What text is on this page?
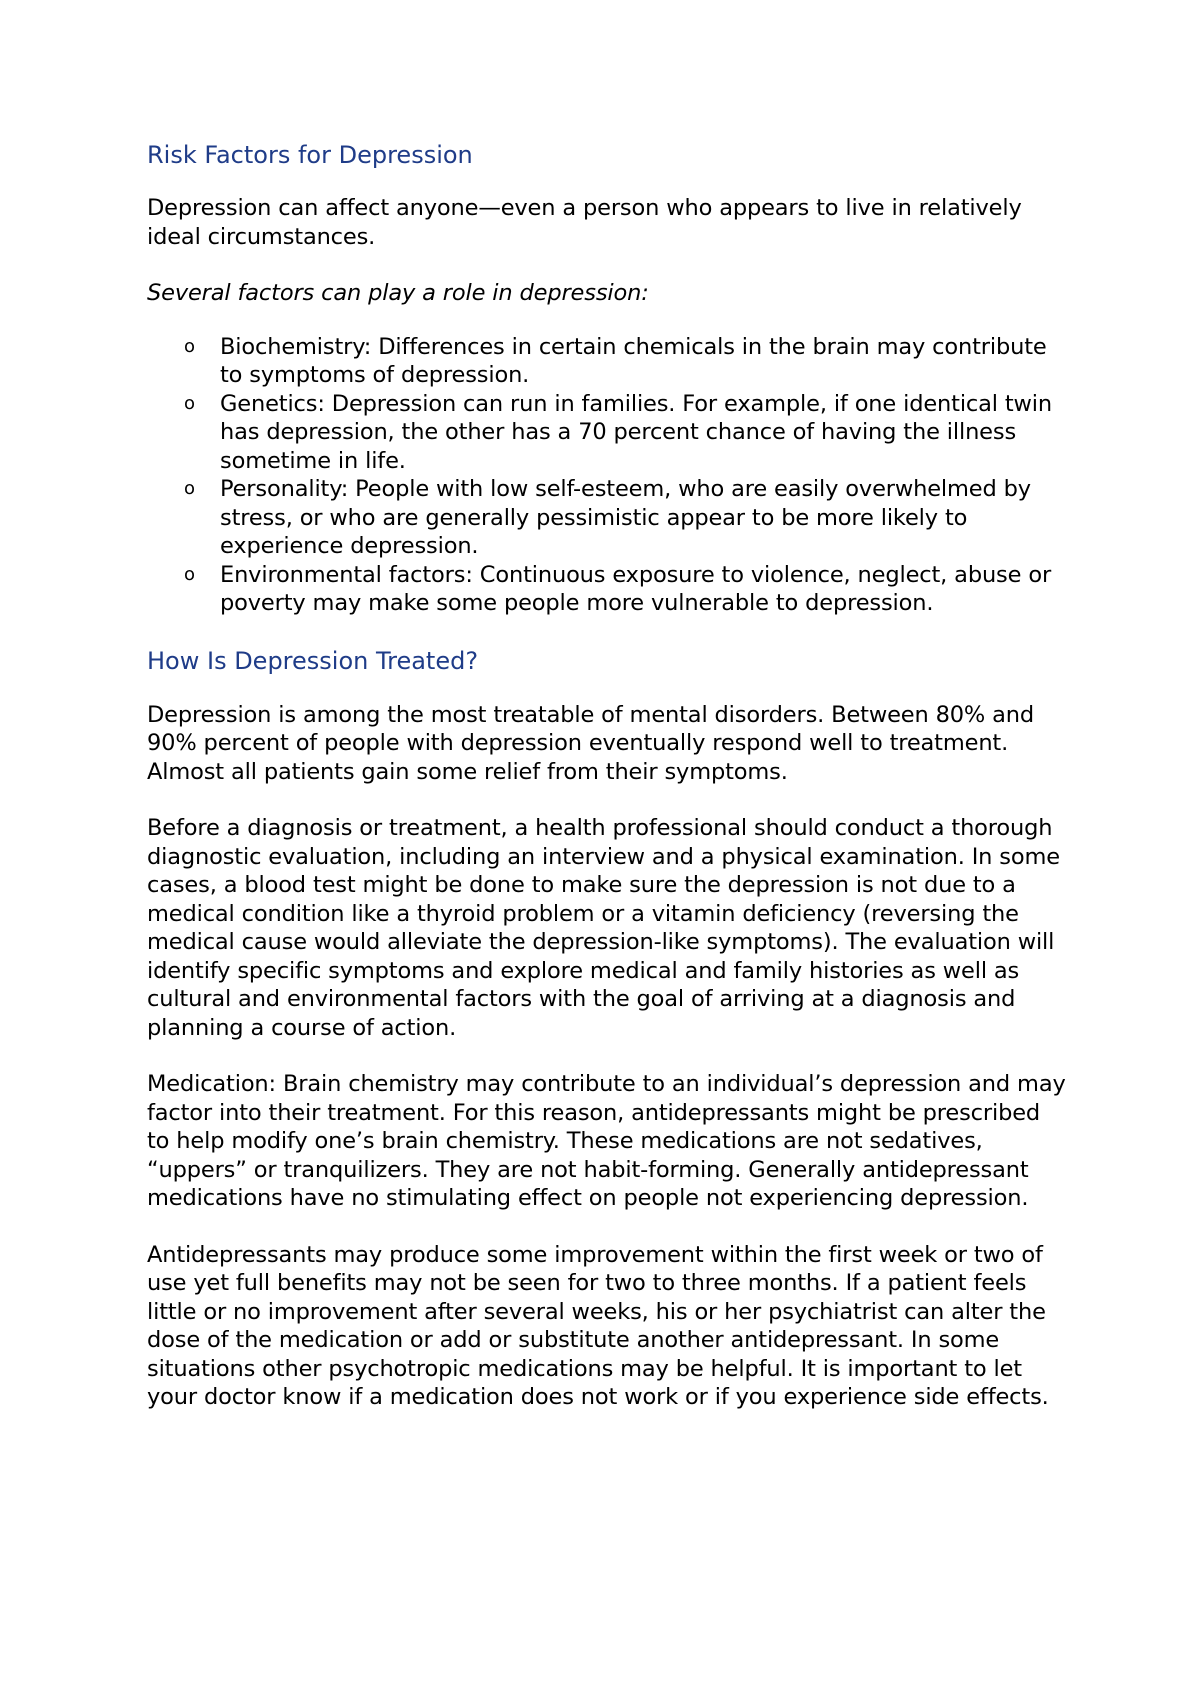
Risk Factors for Depression

Depression can affect anyone—even a person who appears to live in relatively ideal circumstances.

Several factors can play a role in depression:

o Biochemistry: Differences in certain chemicals in the brain may contribute to symptoms of depression.
o Genetics: Depression can run in families. For example, if one identical twin has depression, the other has a 70 percent chance of having the illness sometime in life.
o Personality: People with low self-esteem, who are easily overwhelmed by stress, or who are generally pessimistic appear to be more likely to experience depression.
o Environmental factors: Continuous exposure to violence, neglect, abuse or poverty may make some people more vulnerable to depression.
How Is Depression Treated?

Depression is among the most treatable of mental disorders. Between 80% and 90% percent of people with depression eventually respond well to treatment. Almost all patients gain some relief from their symptoms.

Before a diagnosis or treatment, a health professional should conduct a thorough diagnostic evaluation, including an interview and a physical examination. In some cases, a blood test might be done to make sure the depression is not due to a medical condition like a thyroid problem or a vitamin deficiency (reversing the medical cause would alleviate the depression-like symptoms). The evaluation will identify specific symptoms and explore medical and family histories as well as cultural and environmental factors with the goal of arriving at a diagnosis and planning a course of action.

Medication: Brain chemistry may contribute to an individual’s depression and may factor into their treatment. For this reason, antidepressants might be prescribed to help modify one’s brain chemistry. These medications are not sedatives, “uppers” or tranquilizers. They are not habit-forming. Generally antidepressant medications have no stimulating effect on people not experiencing depression.

Antidepressants may produce some improvement within the first week or two of use yet full benefits may not be seen for two to three months. If a patient feels little or no improvement after several weeks, his or her psychiatrist can alter the dose of the medication or add or substitute another antidepressant. In some situations other psychotropic medications may be helpful. It is important to let your doctor know if a medication does not work or if you experience side effects.
